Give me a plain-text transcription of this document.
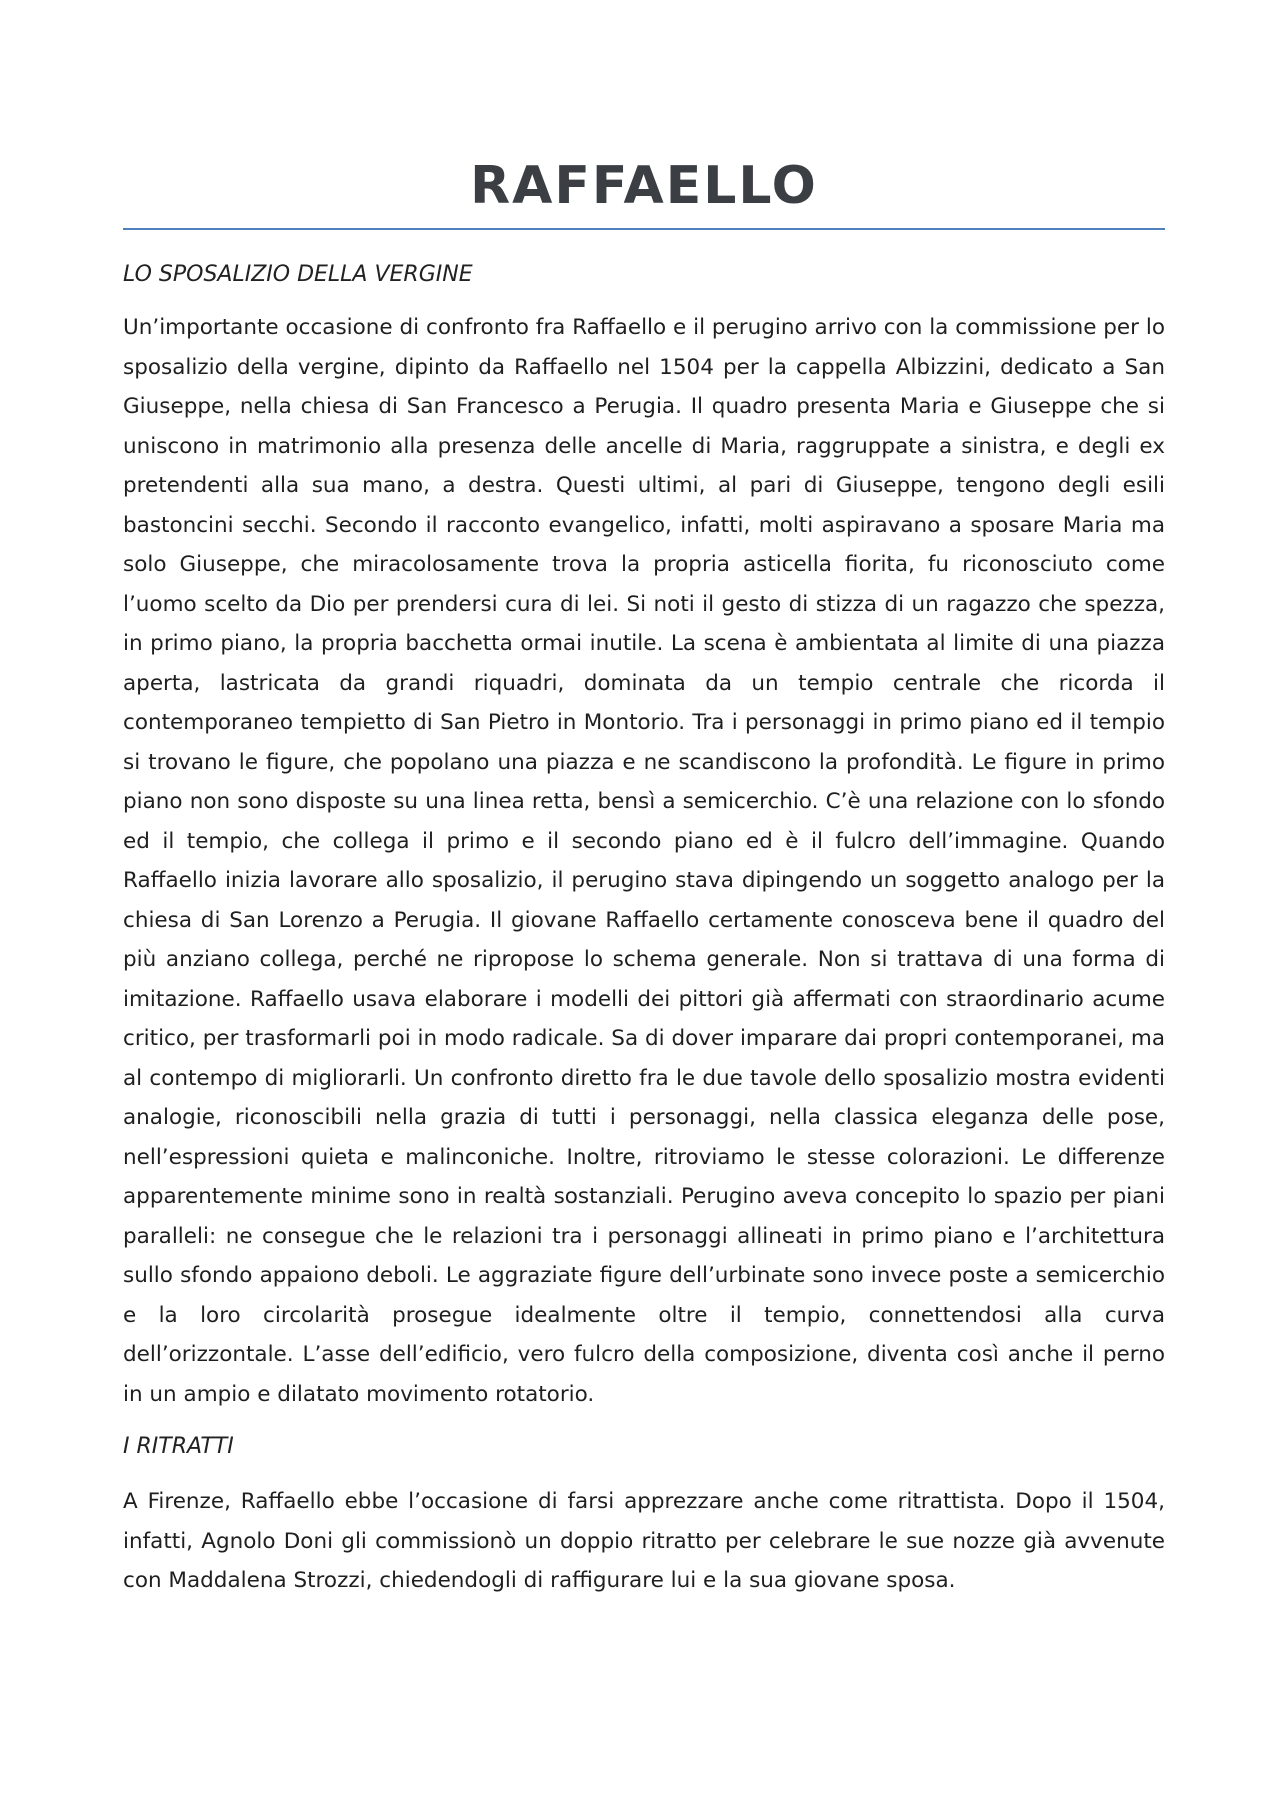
RAFFAELLO
LO SPOSALIZIO DELLA VERGINE

Un’importante occasione di confronto fra Raffaello e il perugino arrivo con la commissione per lo sposalizio della vergine, dipinto da Raffaello nel 1504 per la cappella Albizzini, dedicato a San Giuseppe, nella chiesa di San Francesco a Perugia. Il quadro presenta Maria e Giuseppe che si uniscono in matrimonio alla presenza delle ancelle di Maria, raggruppate a sinistra, e degli ex pretendenti alla sua mano, a destra. Questi ultimi, al pari di Giuseppe, tengono degli esili bastoncini secchi. Secondo il racconto evangelico, infatti, molti aspiravano a sposare Maria ma solo Giuseppe, che miracolosamente trova la propria asticella fiorita, fu riconosciuto come l’uomo scelto da Dio per prendersi cura di lei. Si noti il gesto di stizza di un ragazzo che spezza, in primo piano, la propria bacchetta ormai inutile. La scena è ambientata al limite di una piazza aperta, lastricata da grandi riquadri, dominata da un tempio centrale che ricorda il contemporaneo tempietto di San Pietro in Montorio. Tra i personaggi in primo piano ed il tempio si trovano le figure, che popolano una piazza e ne scandiscono la profondità. Le figure in primo piano non sono disposte su una linea retta, bensì a semicerchio. C’è una relazione con lo sfondo ed il tempio, che collega il primo e il secondo piano ed è il fulcro dell’immagine. Quando Raffaello inizia lavorare allo sposalizio, il perugino stava dipingendo un soggetto analogo per la chiesa di San Lorenzo a Perugia. Il giovane Raffaello certamente conosceva bene il quadro del più anziano collega, perché ne ripropose lo schema generale. Non si trattava di una forma di imitazione. Raffaello usava elaborare i modelli dei pittori già affermati con straordinario acume critico, per trasformarli poi in modo radicale. Sa di dover imparare dai propri contemporanei, ma al contempo di migliorarli. Un confronto diretto fra le due tavole dello sposalizio mostra evidenti analogie, riconoscibili nella grazia di tutti i personaggi, nella classica eleganza delle pose, nell’espressioni quieta e malinconiche. Inoltre, ritroviamo le stesse colorazioni. Le differenze apparentemente minime sono in realtà sostanziali. Perugino aveva concepito lo spazio per piani paralleli: ne consegue che le relazioni tra i personaggi allineati in primo piano e l’architettura sullo sfondo appaiono deboli. Le aggraziate figure dell’urbinate sono invece poste a semicerchio e la loro circolarità prosegue idealmente oltre il tempio, connettendosi alla curva dell’orizzontale. L’asse dell’edificio, vero fulcro della composizione, diventa così anche il perno in un ampio e dilatato movimento rotatorio.

I RITRATTI

A Firenze, Raffaello ebbe l’occasione di farsi apprezzare anche come ritrattista. Dopo il 1504, infatti, Agnolo Doni gli commissionò un doppio ritratto per celebrare le sue nozze già avvenute con Maddalena Strozzi, chiedendogli di raffigurare lui e la sua giovane sposa.
